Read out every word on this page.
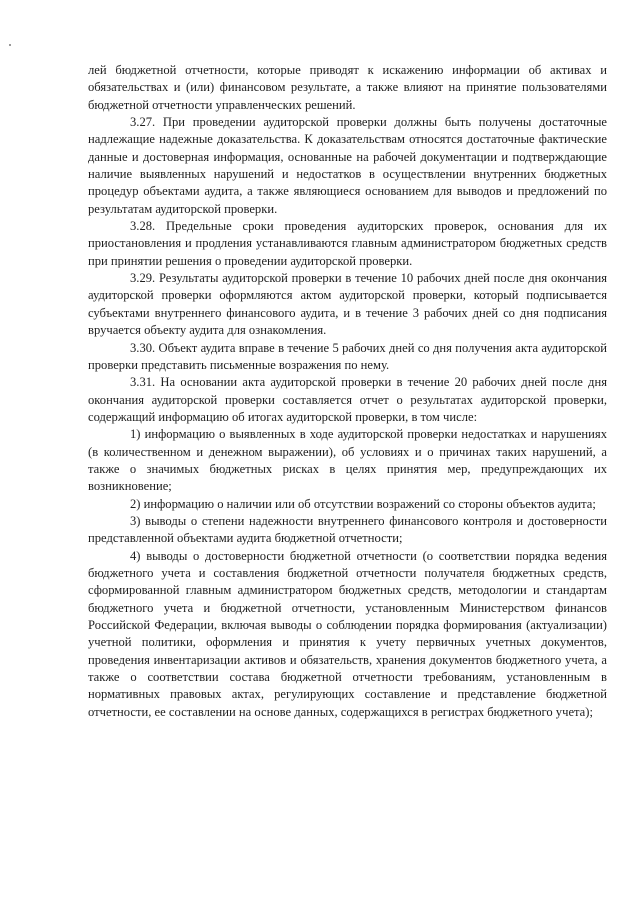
лей бюджетной отчетности, которые приводят к искажению информации об активах и обязательствах и (или) финансовом результате, а также влияют на принятие пользователями бюджетной отчетности управленческих решений.

3.27. При проведении аудиторской проверки должны быть получены достаточные надлежащие надежные доказательства. К доказательствам относятся достаточные фактические данные и достоверная информация, основанные на рабочей документации и подтверждающие наличие выявленных нарушений и недостатков в осуществлении внутренних бюджетных процедур объектами аудита, а также являющиеся основанием для выводов и предложений по результатам аудиторской проверки.

3.28. Предельные сроки проведения аудиторских проверок, основания для их приостановления и продления устанавливаются главным администратором бюджетных средств при принятии решения о проведении аудиторской проверки.

3.29. Результаты аудиторской проверки в течение 10 рабочих дней после дня окончания аудиторской проверки оформляются актом аудиторской проверки, который подписывается субъектами внутреннего финансового аудита, и в течение 3 рабочих дней со дня подписания вручается объекту аудита для ознакомления.

3.30. Объект аудита вправе в течение 5 рабочих дней со дня получения акта аудиторской проверки представить письменные возражения по нему.

3.31. На основании акта аудиторской проверки в течение 20 рабочих дней после дня окончания аудиторской проверки составляется отчет о результатах аудиторской проверки, содержащий информацию об итогах аудиторской проверки, в том числе:

1) информацию о выявленных в ходе аудиторской проверки недостатках и нарушениях (в количественном и денежном выражении), об условиях и о причинах таких нарушений, а также о значимых бюджетных рисках в целях принятия мер, предупреждающих их возникновение;

2) информацию о наличии или об отсутствии возражений со стороны объектов аудита;

3) выводы о степени надежности внутреннего финансового контроля и достоверности представленной объектами аудита бюджетной отчетности;

4) выводы о достоверности бюджетной отчетности (о соответствии порядка ведения бюджетного учета и составления бюджетной отчетности получателя бюджетных средств, сформированной главным администратором бюджетных средств, методологии и стандартам бюджетного учета и бюджетной отчетности, установленным Министерством финансов Российской Федерации, включая выводы о соблюдении порядка формирования (актуализации) учетной политики, оформления и принятия к учету первичных учетных документов, проведения инвентаризации активов и обязательств, хранения документов бюджетного учета, а также о соответствии состава бюджетной отчетности требованиям, установленным в нормативных правовых актах, регулирующих составление и представление бюджетной отчетности, ее составлении на основе данных, содержащихся в регистрах бюджетного учета);
